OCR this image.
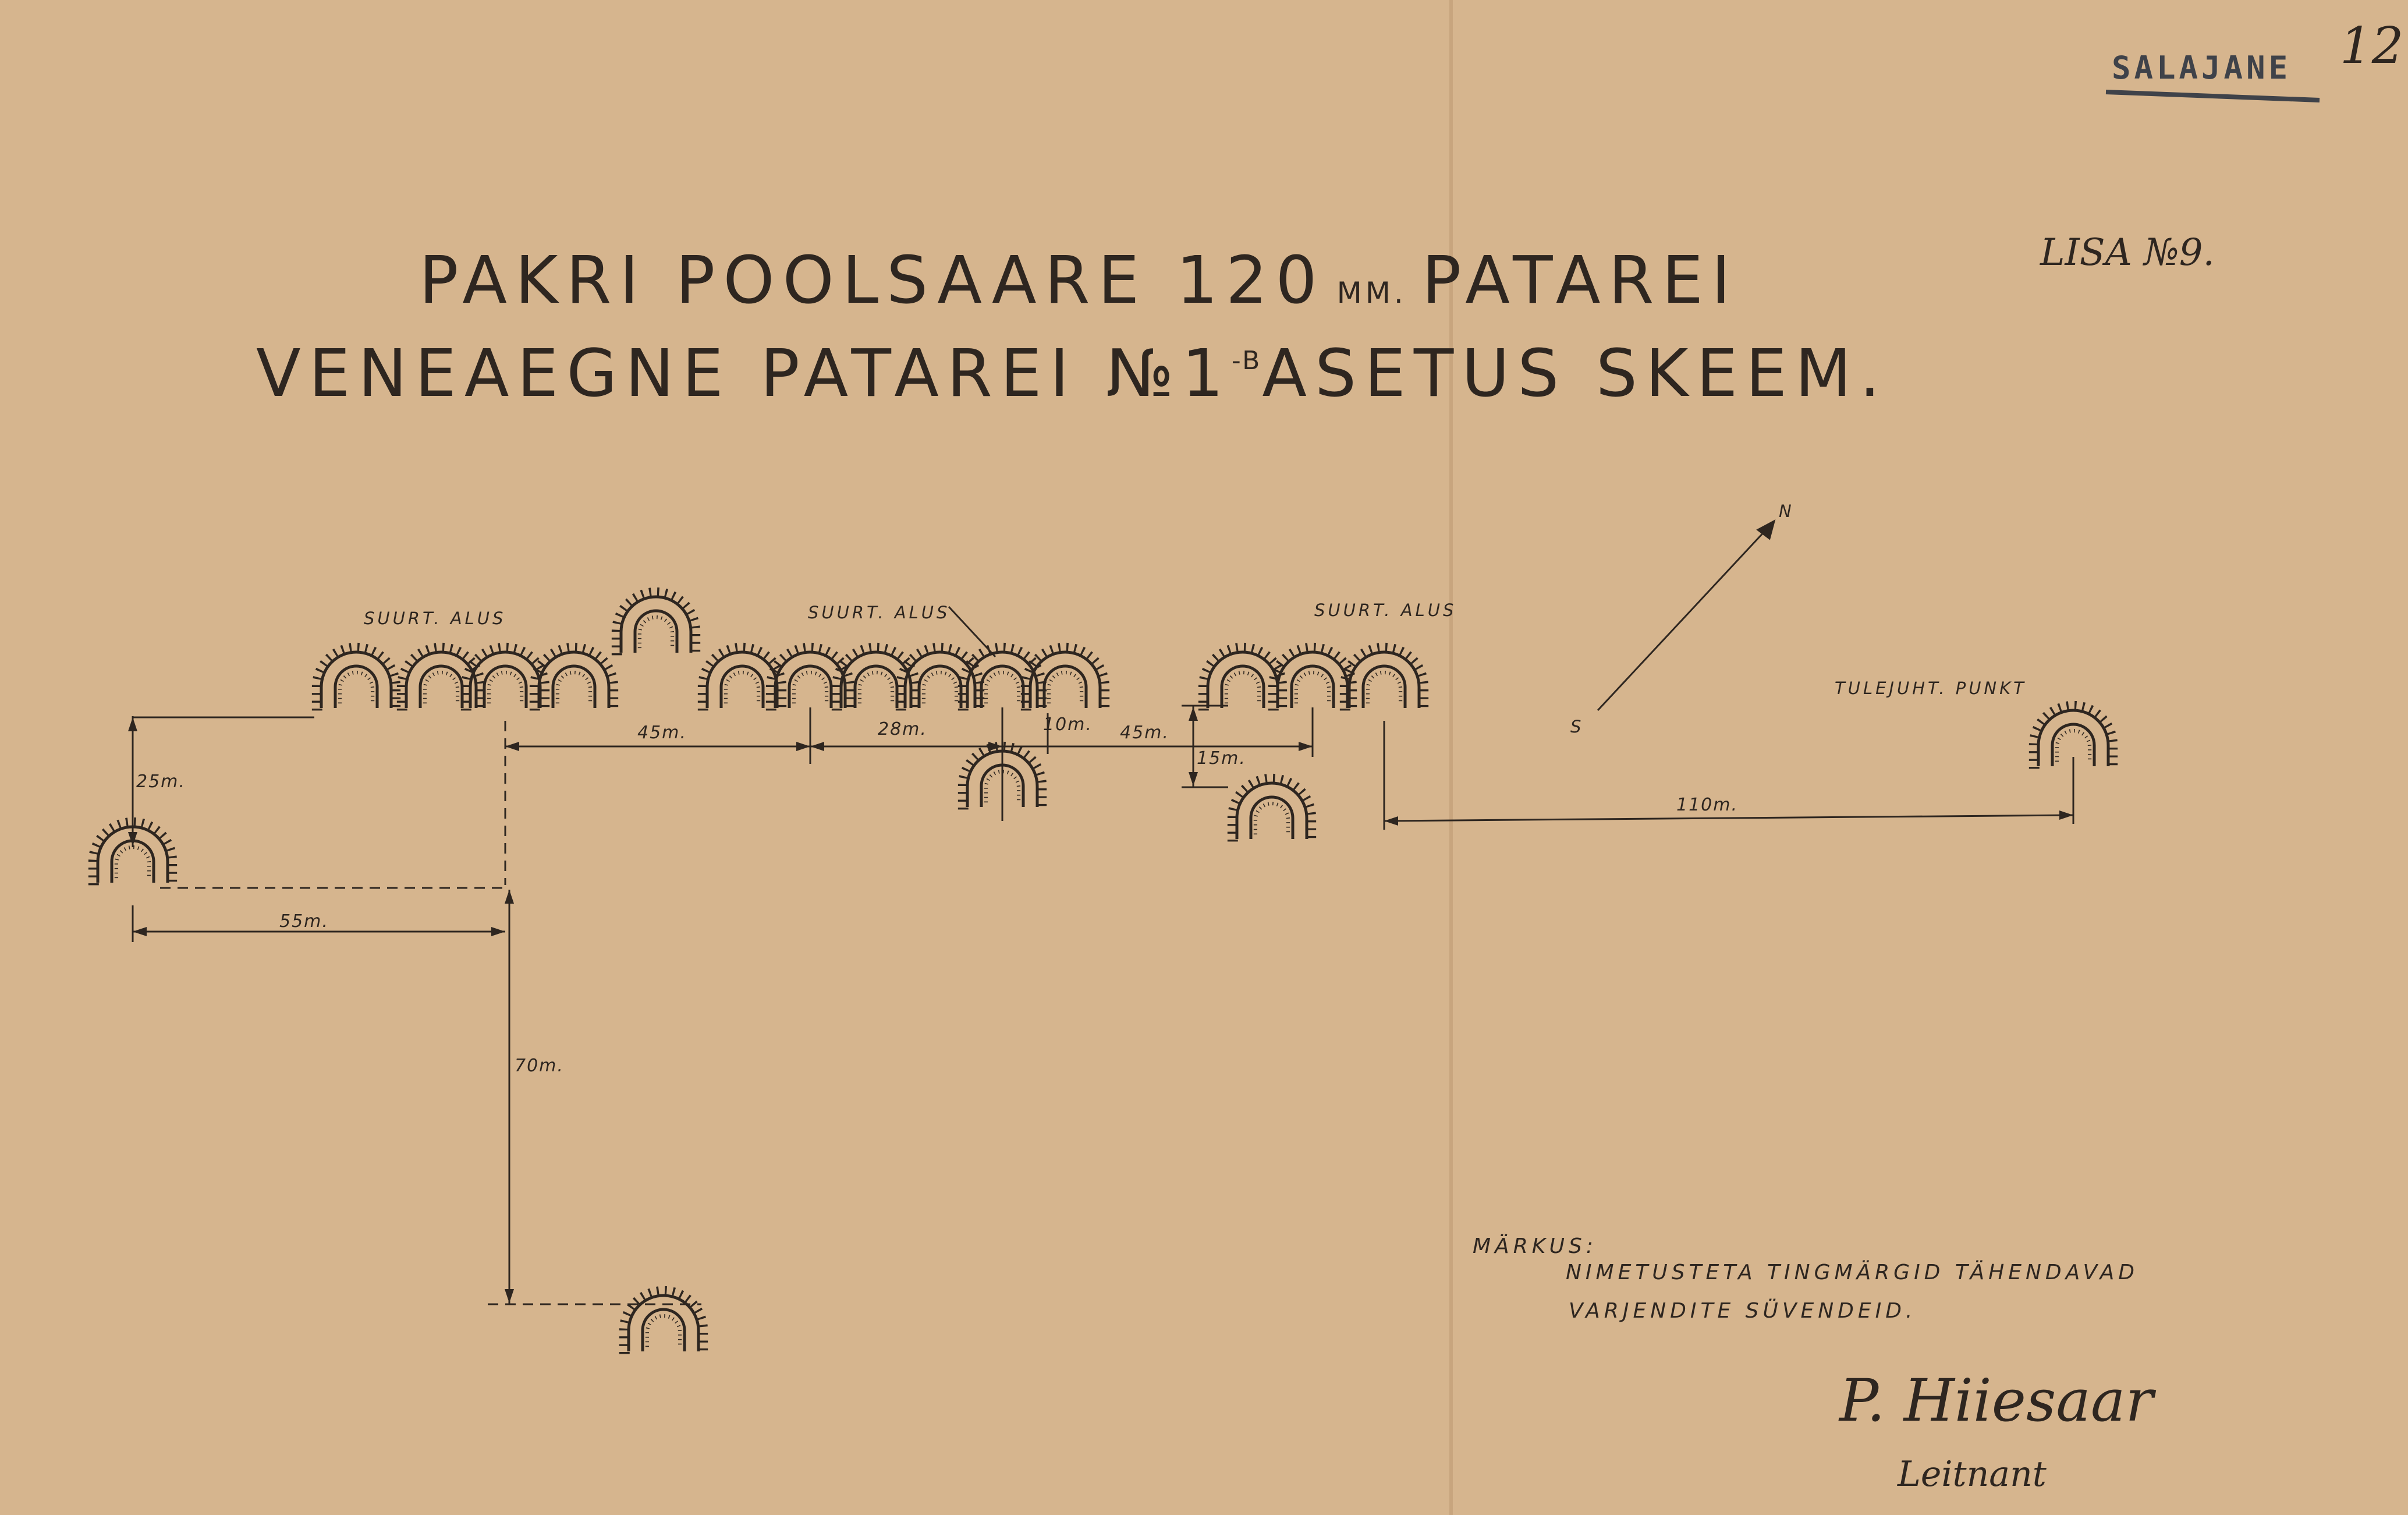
SALAJANE 12
LISA №9.
PAKRI POOLSAARE 120 MM. PATAREI
VENEAEGNE PATAREI $№1^{-B}ASETUS$ SKEEM.
N
S
SUURT. ALUS	SUURT. ALUS	SUURT. ALUS
TULEJUHT. PUNKT
25m.
55m.
70m.
45m.	28m.	10m. 45m.
15m.
110m.
MÄRKUS:
NIMETUSTETA TINGMÄRGID TÄHENDAVAD
VARJENDITE SÜVENDEID.
P. Hiiesaar
Leitnant
